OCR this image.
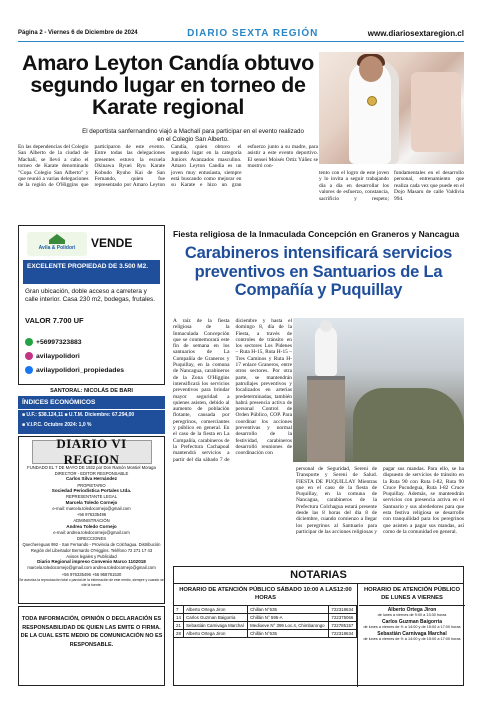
Página 2 - Viernes 6 de Diciembre de 2024	DIARIO SEXTA REGIÓN	www.diariosextaregion.cl
Amaro Leyton Candía obtuvo segundo lugar en torneo de Karate regional
El deportista sanfernandino viajó a Machalí para participar en el evento realizado en el Colegio San Alberto.
En las dependencias del Colegio San Alberto de la ciudad de Machalí, se llevó a cabo el torneo de Karate denominado "Copa Colegio San Alberto" y que reunió a varias delegaciones de la región de O'Higgins que participaron de este evento. Entre todas las delegaciones presentes estuvo la escuela Okinawa Ryuei Ryu Karate Kobudo Ryuho Kai de San Fernando, quien fue representado por Amaro Leyton Candía, quien obtuvo el segundo lugar en la categoría Juniors Avanzados masculino. Amaro Leyton Candia es un joven muy entusiasta, siempre está buscando como mejorar en su Karate e hizo un gran esfuerzo junto a su madre, para asistir a este evento deportivo. El sensei Moisés Ortiz Yáñez se mostró con-
tento con el logro de este joven y lo invita a seguir trabajando día a día en desarrollar los valores de esfuerzo, constancia, sacrificio y respeto; fundamentales en el desarrollo personal, entrenamiento que realiza cada vez que puede en el Dojo Masaru de calle Valdivia 994.
Avila & Polidori	VENDE
EXCELENTE PROPIEDAD DE 3.500 M2.
Gran ubicación, doble acceso a carretera y calle interior. Casa 230 m2, bodegas, frutales.
VALOR 7.700 UF
+56997323883
avilaypolidori
avilaypolidori_propiedades
SANTORAL: NICOLÁS DE BARI
ÍNDICES ECONÓMICOS
■ U.F.: $38.124,11 ■ U.T.M. Diciembre: 67.294,00
■ V.I.P.C. Octubre 2024: 1,0 %
DIARIO VI REGION
FUNDADO EL 7 DE MAYO DE 1932 por Don Ramón Montiel Moraga
DIRECTOR - EDITOR RESPONSABLE
Carlos Silva Hernández
PROPIETARIO
Sociedad Periodística Portales Ltda.
REPRESENTANTE LEGAL
Marcela Toledo Cornejo
e-mail: marcela.toledocornejo@gmail.com
+56 976335496
ADMINISTRACIÓN
Andrea Toledo Cornejo
e-mail: andrea.toledocornejo@gmail.com
DIRECCIONES
Quechereguas 992 - San Fernando - Provincia de Colchagua. Distribución Región del Libertador Bernardo O'Higgins. Teléfono 72 271 17 43
Avisos legales y Publicidad
Diario Regional impreso Convenio Marco 1102018
marcela.toledocornejo@gmail.com andrea.toledocornejo@gmail.com
+56 976335496 +56 958781530
Se autoriza la reproducción total o parcial de la información de este medio, siempre y cuando se cite la fuente.
TODA INFORMACIÓN, OPINIÓN O DECLARACIÓN ES RESPONSABILIDAD DE QUIEN LAS EMITE O FIRMA. DE LA CUAL ESTE MEDIO DE COMUNICACIÓN NO ES RESPONSABLE.
Fiesta religiosa de la Inmaculada Concepción en Graneros y Nancagua
Carabineros intensificará servicios preventivos en Santuarios de La Compañía y Puquillay
A raíz de la fiesta religiosa de la Inmaculada Concepción que se conmemorará este fin de semana en los santuarios de La Compañía de Graneros y Puquillay, en la comuna de Nancagua, carabineros de la Zona O'Higgins intensificará los servicios preventivos para brindar mayor seguridad a quienes asisten, debido al aumento de población flotante, causada por peregrinos, comerciantes y público en general. En el caso de la fiesta en La Compañía, carabineros de la Prefectura Cachapoal mantendrá servicios a partir del día sábado 7 de diciembre y hasta el domingo 8, día de la Fiesta, a través de controles de tránsito en los sectores Los Pidenes – Ruta H-15, Ruta H-15 – Tres Caminos y Ruta H-17 enlace Graneros, entre otros sectores. Por otra parte, se mantendrán patrullajes preventivos y focalizados en arterias predeterminadas, también habrá presencia activa de personal Control de Orden Público, COP. Para coordinar los acciones preventivas y normal desarrollo de la festividad, carabineros desarrolló reuniones de coordinación con
personal de Seguridad, Sereni de Transporte y Sereni de Salud. FIESTA DE PUQUILLAY Mientras que en el caso de la fiesta de Puquillay, en la comuna de Nancagua, carabineros de la Prefectura Colchagua estará presente desde las 8 horas del día 8 de diciembre, cuando comienzo a llegar los peregrinos al Santuario para participar de las acciones religiosas y pagar sus mandas. Para ello, se ha dispuesto de servicios de tránsito en la Ruta 90 con Ruta I-82, Ruta 90 Cruce Pucudegua, Ruta I-82 Cruce Puquillay. Además, se mantendrán servicios con presencia activa en el Santuario y sus alrededores para que esta festiva religiosa se desarrolle con tranquilidad para los peregrinos que asisten a pagar sus mandas, así como de la comunidad en general.
NOTARIAS
HORARIO DE ATENCIÓN PÚBLICO SÁBADO 10:00 A LAS12:00 HORAS
7	Alberto Ortega Jiron	Chillan N°635	722318634
14	Carlos Guzman Baigorria	Chillán N° 595-A	722375066
21	Sebastián Carnivaga Marchal	Medioeve N° 399 Loc.4, Chimbarongo	722785157
28	Alberto Ortega Jiron	Chillán N°635	722318634
HORARIO DE ATENCIÓN PÚBLICO DE LUNES A VIERNES
Alberto Ortega Jiron
de lunes a viernes de 9:00 a 13:30 horas
Carlos Guzman Baigorria
de lunes a viernes de 9: a 14:00 y de 15:00 a 17:00 horas
Sebastián Carnivaga Marchal
de lunes a viernes de 9: a 14:00 y de 15:00 a 17:00 horas
